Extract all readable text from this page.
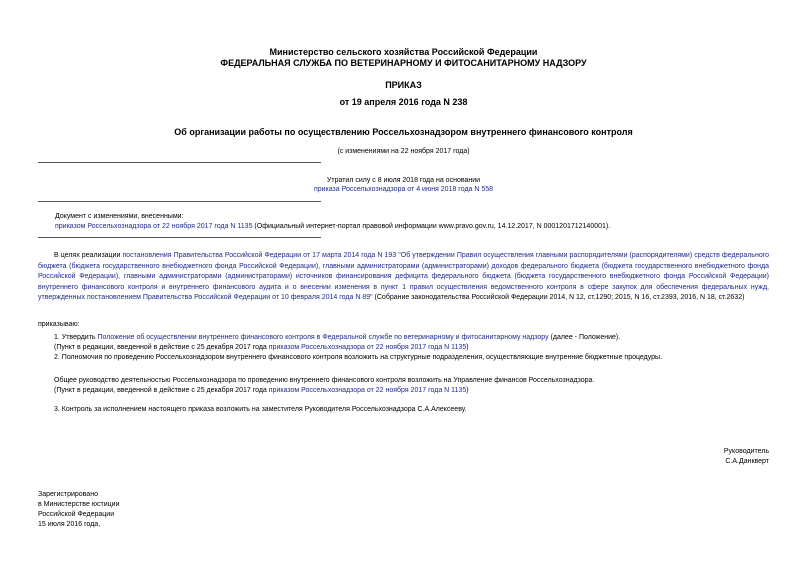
Министерство сельского хозяйства Российской Федерации
ФЕДЕРАЛЬНАЯ СЛУЖБА ПО ВЕТЕРИНАРНОМУ И ФИТОСАНИТАРНОМУ НАДЗОРУ
ПРИКАЗ
от 19 апреля 2016 года N 238
Об организации работы по осуществлению Россельхознадзором внутреннего финансового контроля
(с изменениями на 22 ноября 2017 года)
Утратил силу с 8 июля 2018 года на основании
приказа Россельхознадзора от 4 июня 2018 года N 558
Документ с изменениями, внесенными:
приказом Россельхознадзора от 22 ноября 2017 года N 1135 (Официальный интернет-портал правовой информации www.pravo.gov.ru, 14.12.2017, N 0001201712140001).
В целях реализации постановления Правительства Российской Федерации от 17 марта 2014 года N 193 "Об утверждении Правил осуществления главными распорядителями (распорядителями) средств федерального бюджета (бюджета государственного внебюджетного фонда Российской Федерации), главными администраторами (администраторами) доходов федерального бюджета (бюджета государственного внебюджетного фонда Российской Федерации), главными администраторами (администраторами) источников финансирования дефицита федерального бюджета (бюджета государственного внебюджетного фонда Российской Федерации) внутреннего финансового контроля и внутреннего финансового аудита и о внесении изменения в пункт 1 правил осуществления ведомственного контроля в сфере закупок для обеспечения федеральных нужд, утвержденных постановлением Правительства Российской Федерации от 10 февраля 2014 года N 89" (Собрание законодательства Российской Федерации 2014, N 12, ст.1290; 2015, N 16, ст.2393, 2016, N 18, ст.2632)
приказываю:
1. Утвердить Положение об осуществлении внутреннего финансового контроля в Федеральной службе по ветеринарному и фитосанитарному надзору (далее - Положение).
(Пункт в редакции, введенной в действие с 25 декабря 2017 года приказом Россельхознадзора от 22 ноября 2017 года N 1135)
2. Полномочия по проведению Россельхознадзором внутреннего финансового контроля возложить на структурные подразделения, осуществляющие внутренние бюджетные процедуры.
Общее руководство деятельностью Россельхознадзора по проведению внутреннего финансового контроля возложить на Управление финансов Россельхознадзора.
(Пункт в редакции, введенной в действие с 25 декабря 2017 года приказом Россельхознадзора от 22 ноября 2017 года N 1135)
3. Контроль за исполнением настоящего приказа возложить на заместителя Руководителя Россельхознадзора С.А.Алексееву.
Руководитель
С.А.Данкверт
Зарегистрировано
в Министерстве юстиции
Российской Федерации
15 июля 2016 года,
